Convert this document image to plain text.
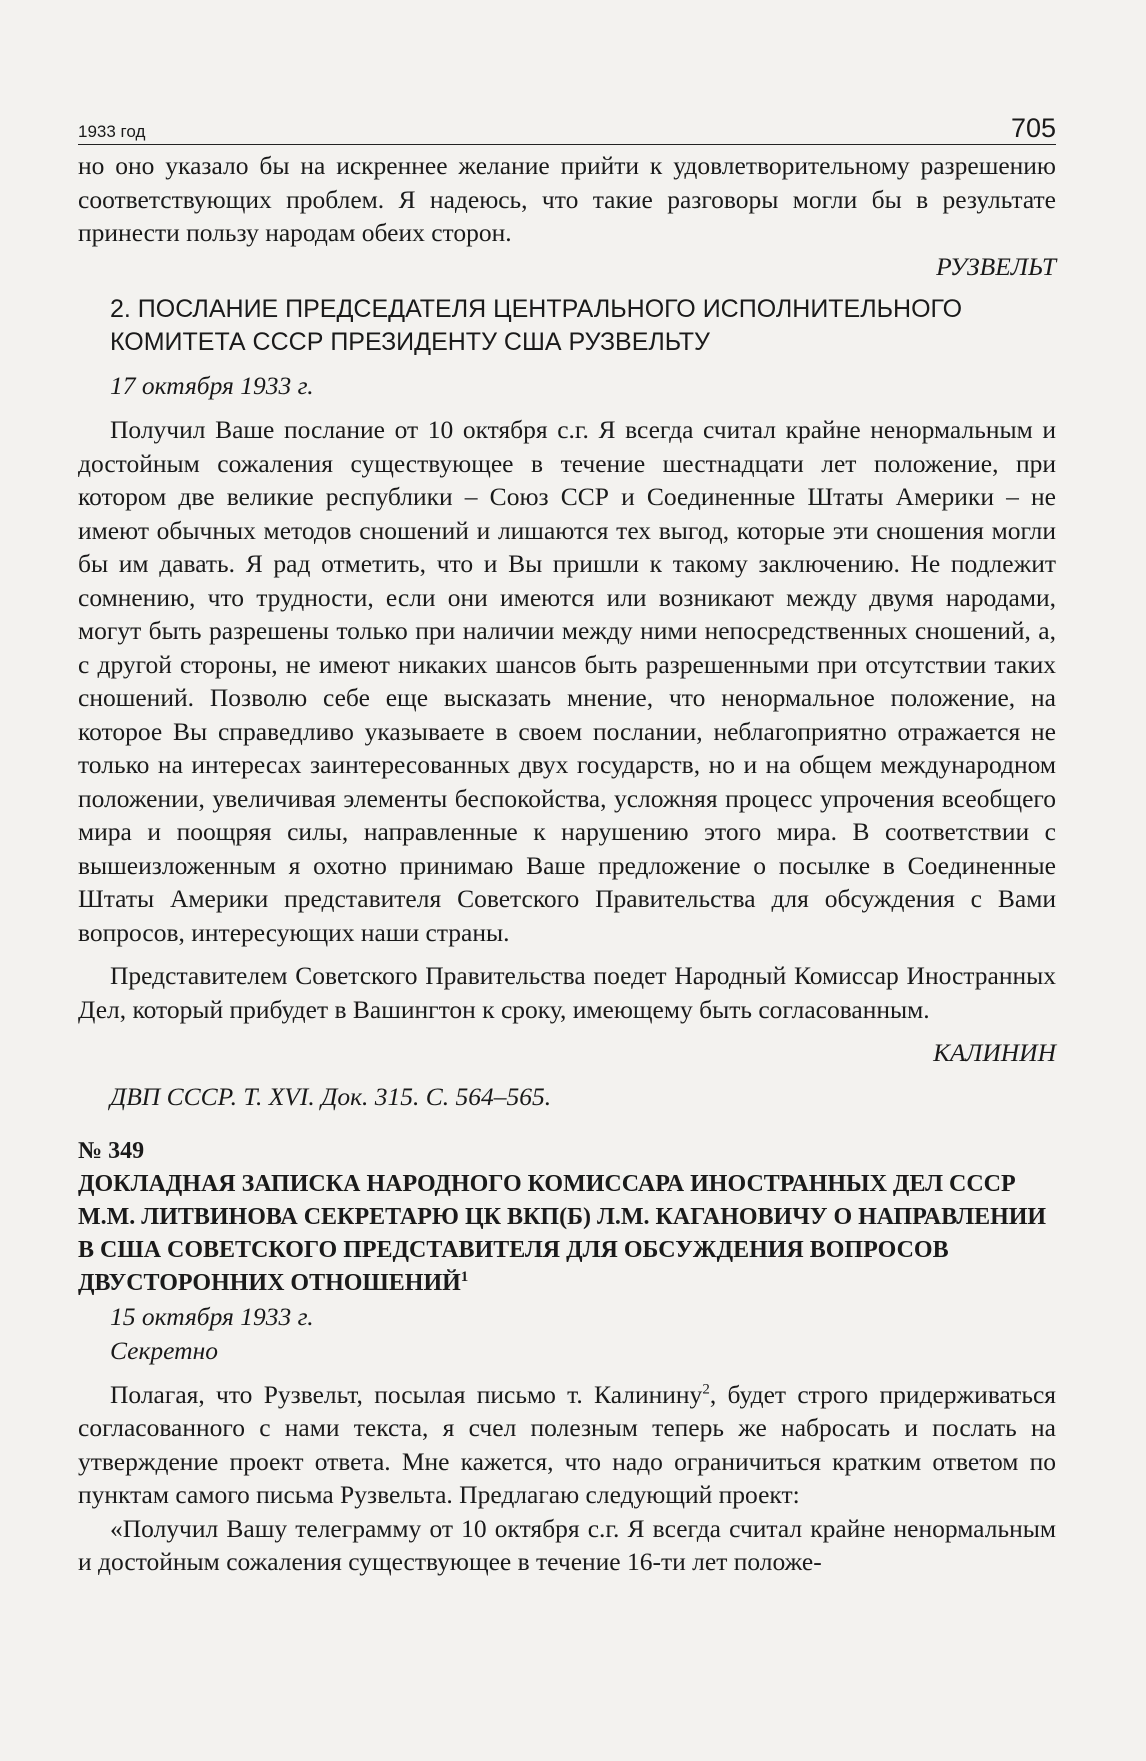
1933 год	705

но оно указало бы на искреннее желание прийти к удовлетворительному разрешению соответствующих проблем. Я надеюсь, что такие разговоры могли бы в результате принести пользу народам обеих сторон.

РУЗВЕЛЬТ

2. ПОСЛАНИЕ ПРЕДСЕДАТЕЛЯ ЦЕНТРАЛЬНОГО ИСПОЛНИТЕЛЬНОГО КОМИТЕТА СССР ПРЕЗИДЕНТУ США РУЗВЕЛЬТУ

17 октября 1933 г.

Получил Ваше послание от 10 октября с.г. Я всегда считал крайне ненормальным и достойным сожаления существующее в течение шестнадцати лет положение, при котором две великие республики – Союз ССР и Соединенные Штаты Америки – не имеют обычных методов сношений и лишаются тех выгод, которые эти сношения могли бы им давать. Я рад отметить, что и Вы пришли к такому заключению. Не подлежит сомнению, что трудности, если они имеются или возникают между двумя народами, могут быть разрешены только при наличии между ними непосредственных сношений, а, с другой стороны, не имеют никаких шансов быть разрешенными при отсутствии таких сношений. Позволю себе еще высказать мнение, что ненормальное положение, на которое Вы справедливо указываете в своем послании, неблагоприятно отражается не только на интересах заинтересованных двух государств, но и на общем международном положении, увеличивая элементы беспокойства, усложняя процесс упрочения всеобщего мира и поощряя силы, направленные к нарушению этого мира. В соответствии с вышеизложенным я охотно принимаю Ваше предложение о посылке в Соединенные Штаты Америки представителя Советского Правительства для обсуждения с Вами вопросов, интересующих наши страны.

Представителем Советского Правительства поедет Народный Комиссар Иностранных Дел, который прибудет в Вашингтон к сроку, имеющему быть согласованным.

КАЛИНИН

ДВП СССР. Т. XVI. Док. 315. С. 564–565.

№ 349

ДОКЛАДНАЯ ЗАПИСКА НАРОДНОГО КОМИССАРА ИНОСТРАННЫХ ДЕЛ СССР М.М. ЛИТВИНОВА СЕКРЕТАРЮ ЦК ВКП(Б) Л.М. КАГАНОВИЧУ О НАПРАВЛЕНИИ В США СОВЕТСКОГО ПРЕДСТАВИТЕЛЯ ДЛЯ ОБСУЖДЕНИЯ ВОПРОСОВ ДВУСТОРОННИХ ОТНОШЕНИЙ$^1$

15 октября 1933 г.

Секретно

Полагая, что Рузвельт, посылая письмо т. Калинину$^2$, будет строго придерживаться согласованного с нами текста, я счел полезным теперь же набросать и послать на утверждение проект ответа. Мне кажется, что надо ограничиться кратким ответом по пунктам самого письма Рузвельта. Предлагаю следующий проект:

«Получил Вашу телеграмму от 10 октября с.г. Я всегда считал крайне ненормальным и достойным сожаления существующее в течение 16-ти лет положе-
